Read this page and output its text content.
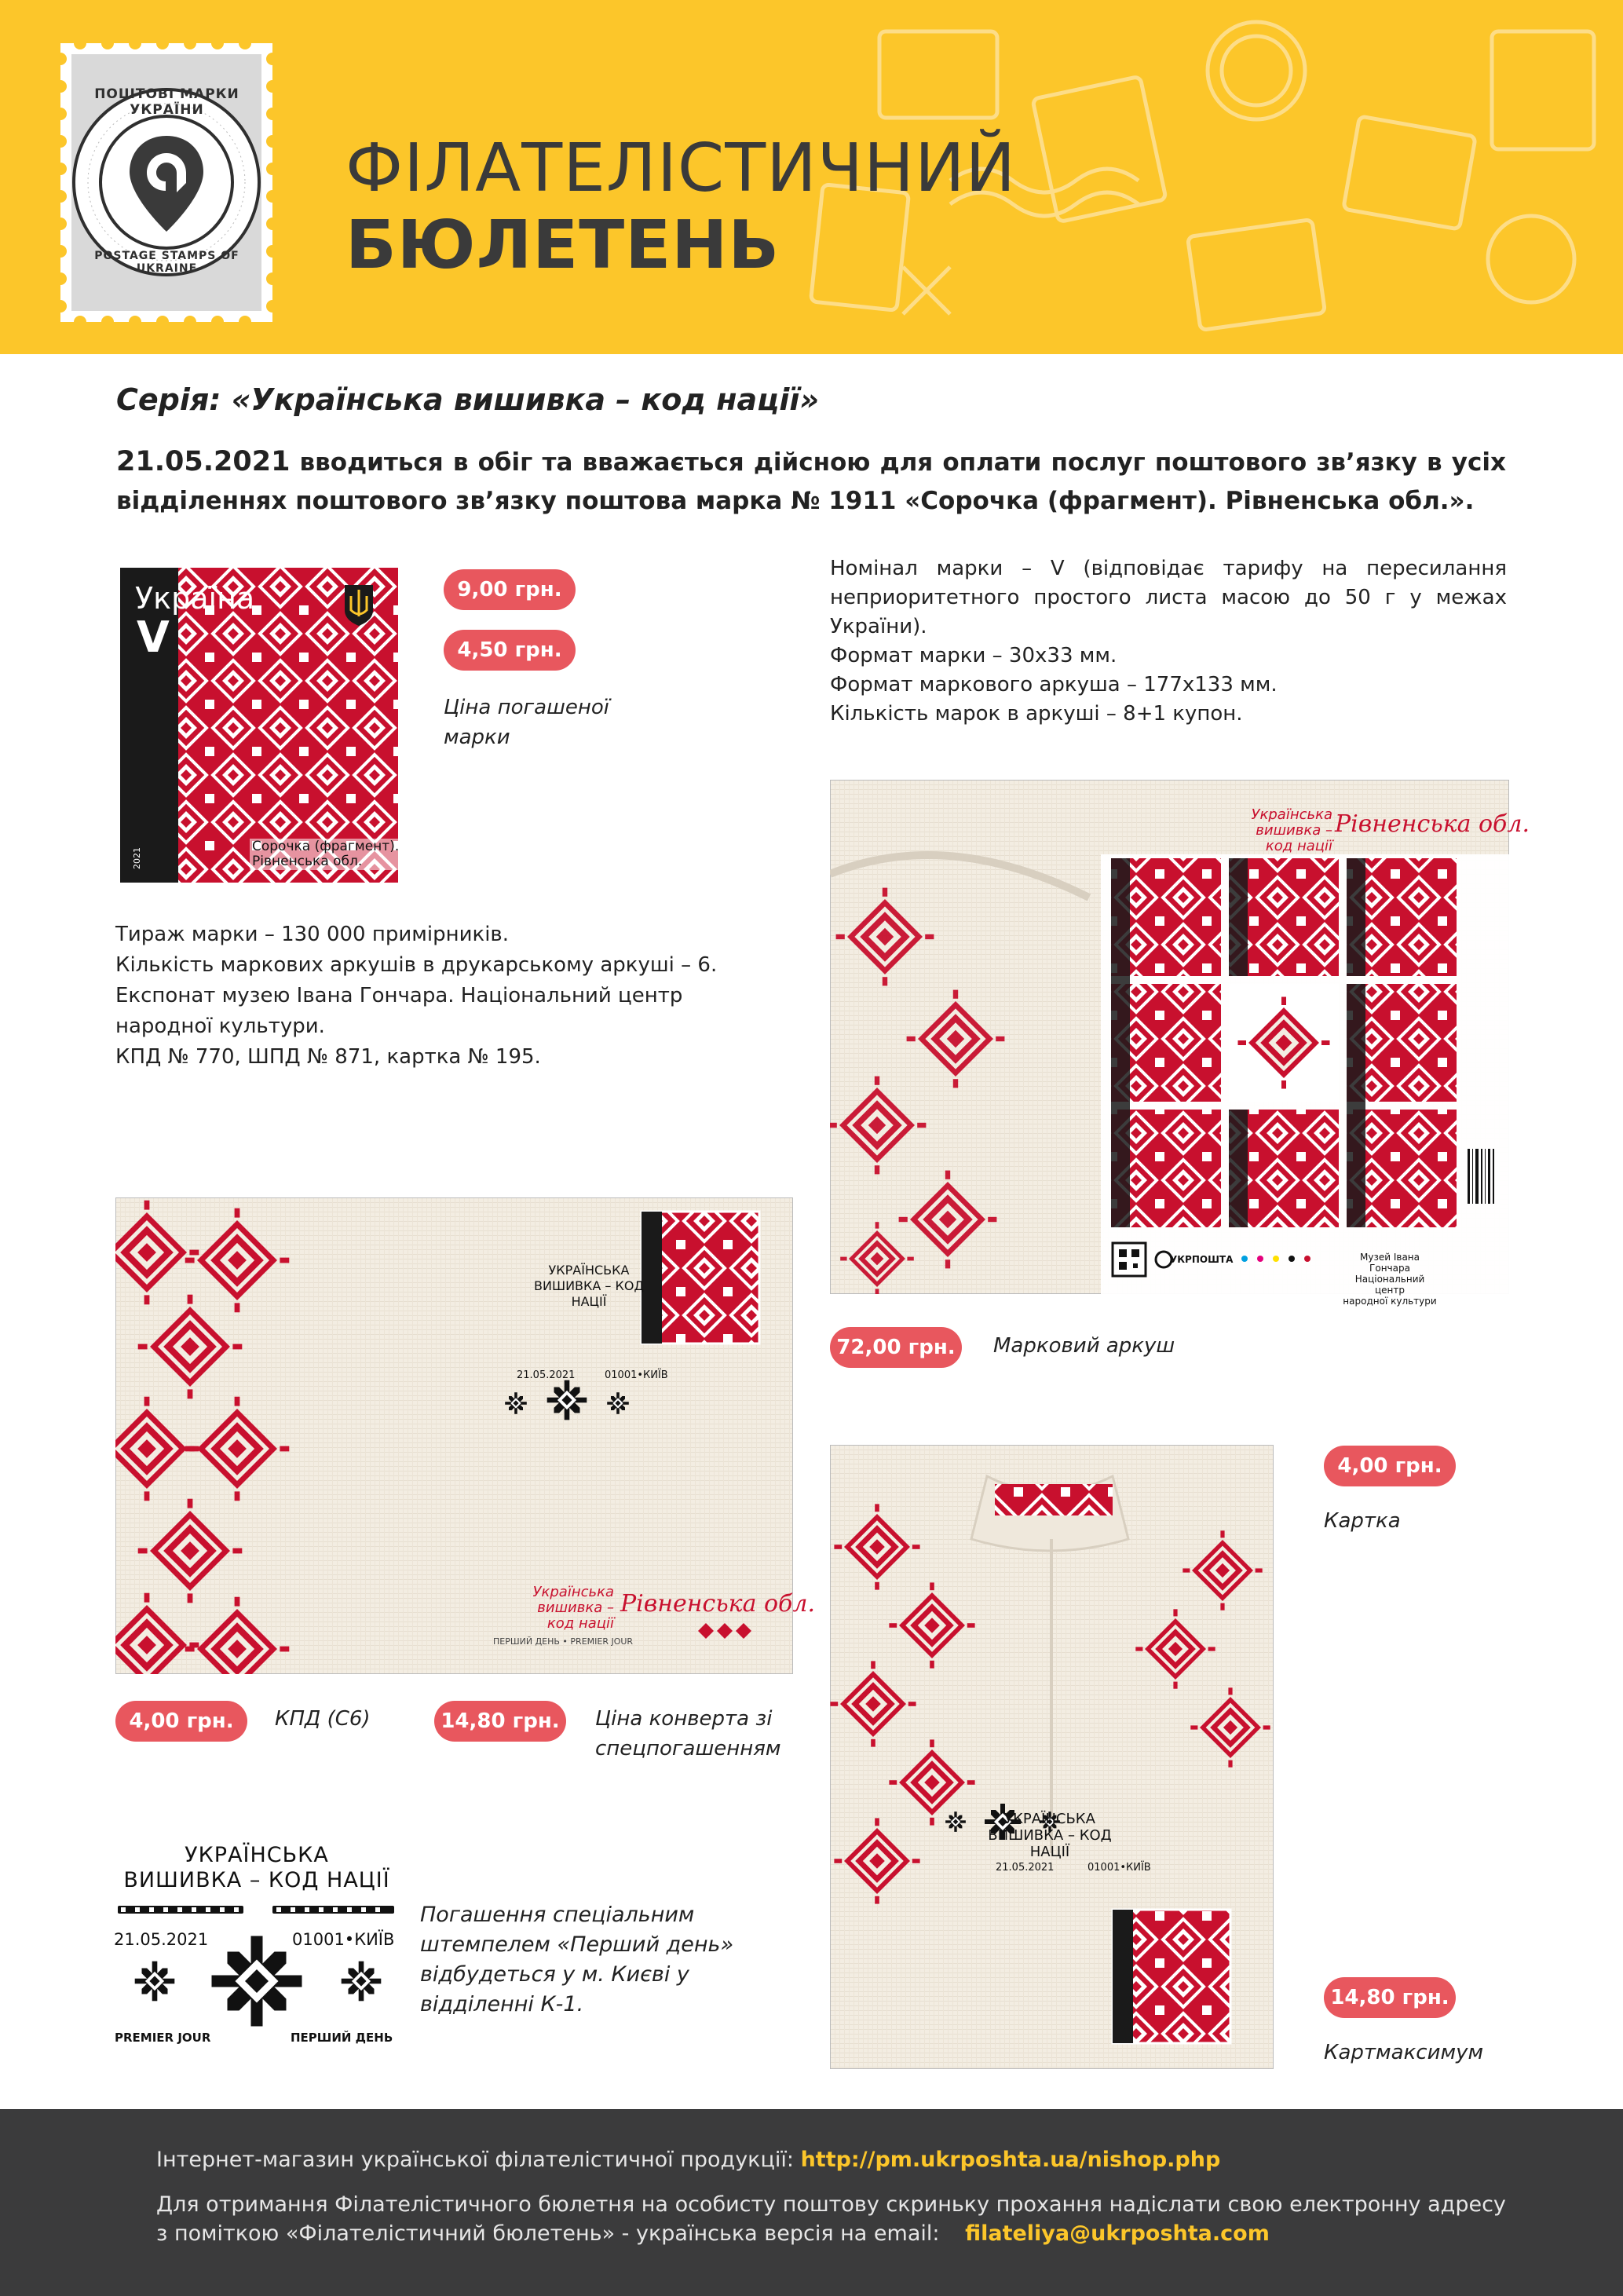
ПОШТОВІ МАРКИ УКРАЇНИ
POSTAGE STAMPS OF UKRAINE
ФІЛАТЕЛІСТИЧНИЙ
БЮЛЕТЕНЬ
Серія: «Українська вишивка – код нації»
21.05.2021 вводиться в обіг та вважається дійсною для оплати послуг поштового зв’язку в усіх відділеннях поштового зв’язку поштова марка № 1911 «Сорочка (фрагмент). Рівненська обл.».
Україна
V
Ukraina
2021
Сорочка (фрагмент).
Рівненська обл.
9,00 грн.
4,50 грн.
Ціна погашеної марки

Номінал марки – V (відповідає тарифу на пересилання неприоритетного простого листа масою до 50 г у межах України).

Формат марки – 30х33 мм.

Формат маркового аркуша – 177х133 мм.

Кількість марок в аркуші – 8+1 купон.

Тираж марки – 130 000 примірників.

Кількість маркових аркушів в друкарському аркуші – 6.

Експонат музею Івана Гончара. Національний центр народної культури.

КПД № 770, ШПД № 871, картка № 195.

Українська вишивка –
код нації
Рівненська обл.
УКРПОШТА	Музей Івана Гончара
Національний центр
народної культури
72,00 грн.	Марковий аркуш
УКРАЇНСЬКА
ВИШИВКА – КОД НАЦІЇ
21.05.2021	01001•КИЇВ
Українська вишивка –
код нації
Рівненська обл.
ПЕРШИЙ ДЕНЬ • PREMIER JOUR
4,00 грн.	КПД (С6)	14,80 грн.	Ціна конверта зі спецпогашенням
УКРАЇНСЬКА
ВИШИВКА – КОД НАЦІЇ
21.05.2021	01001•КИЇВ
PREMIER JOUR	ПЕРШИЙ ДЕНЬ
Погашення спеціальним штемпелем «Перший день» відбудеться у м. Києві у відділенні К-1.
УКРАЇНСЬКА
ВИШИВКА – КОД НАЦІЇ
21.05.2021	01001•КИЇВ
4,00 грн.
Картка
14,80 грн.
Картмаксимум
Інтернет-магазин української філателістичної продукції: http://pm.ukrposhta.ua/nishop.php
Для отримання Філателістичного бюлетня на особисту поштову скриньку прохання надіслати свою електронну адресу
з поміткою «Філателістичний бюлетень» - українська версія на email: filateliya@ukrposhta.com
